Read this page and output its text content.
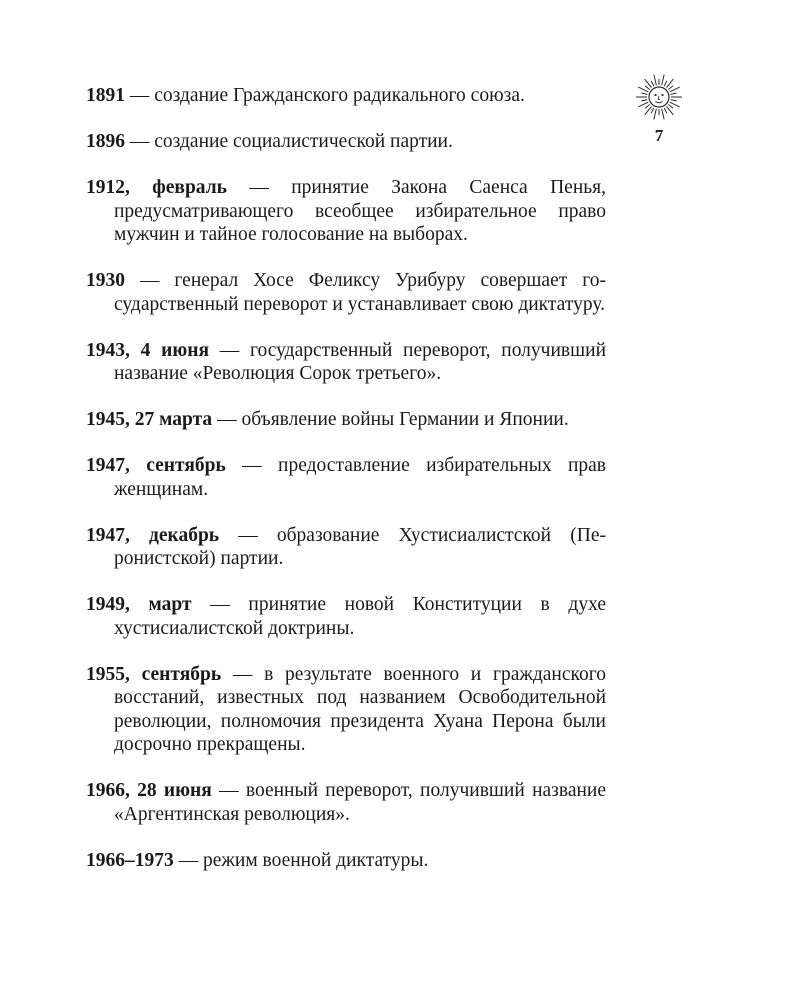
7
1891 — создание Гражданского радикального союза.
1896 — создание социалистической партии.
1912, февраль — принятие Закона Саенса Пенья, предусматривающего всеобщее избирательное право мужчин и тайное голосование на выборах.
1930 — генерал Хосе Феликсу Урибуру совершает государственный переворот и устанавливает свою диктатуру.
1943, 4 июня — государственный переворот, получивший название «Революция Сорок третьего».
1945, 27 марта — объявление войны Германии и Японии.
1947, сентябрь — предоставление избирательных прав женщинам.
1947, декабрь — образование Хустисиалистской (Перонистской) партии.
1949, март — принятие новой Конституции в духе хустисиалистской доктрины.
1955, сентябрь — в результате военного и гражданского восстаний, известных под названием Освободительной революции, полномочия президента Хуана Перона были досрочно прекращены.
1966, 28 июня — военный переворот, получивший название «Аргентинская революция».
1966–1973 — режим военной диктатуры.
